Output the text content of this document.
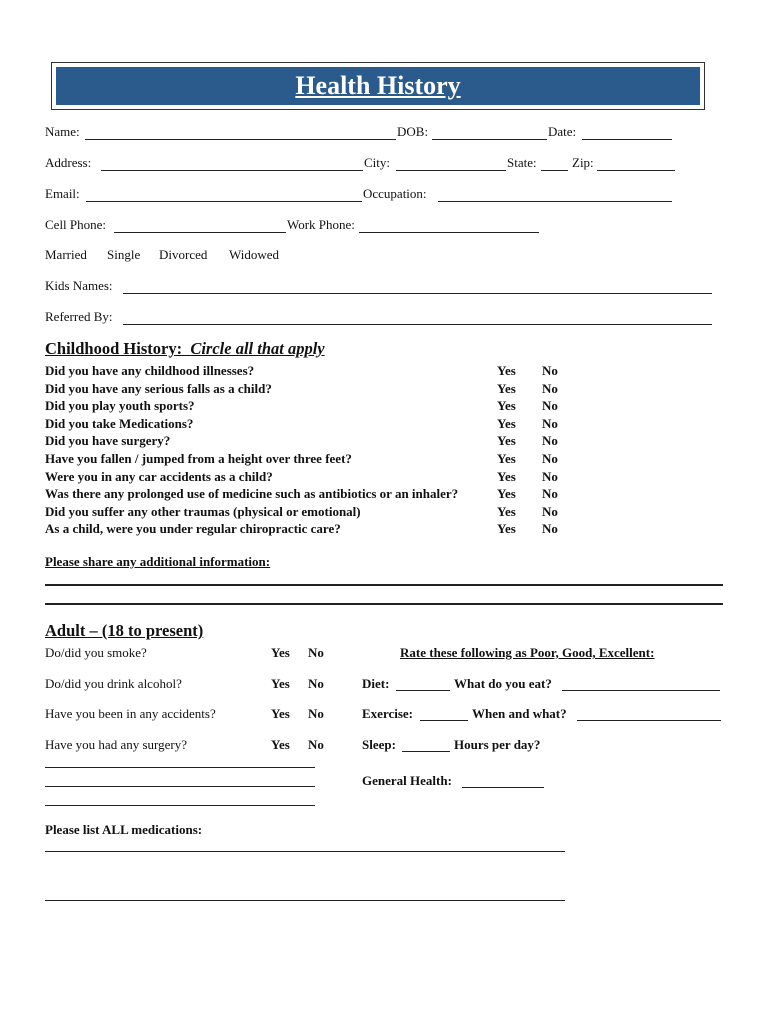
Health History
Name:	DOB:	Date:
Address:	City:	State:	Zip:
Email:	Occupation:
Cell Phone:	Work Phone:
Married Single Divorced Widowed
Kids Names:
Referred By:
Childhood History: Circle all that apply
Did you have any childhood illnesses?	Yes No
Did you have any serious falls as a child?	Yes No
Did you play youth sports?	Yes No
Did you take Medications?	Yes No
Did you have surgery?	Yes No
Have you fallen / jumped from a height over three feet?	Yes No
Were you in any car accidents as a child?	Yes No
Was there any prolonged use of medicine such as antibiotics or an inhaler?	Yes No
Did you suffer any other traumas (physical or emotional)	Yes No
As a child, were you under regular chiropractic care?	Yes No
Please share any additional information:
Adult – (18 to present)
Do/did you smoke?	Yes No
Do/did you drink alcohol?	Yes No
Have you been in any accidents?	Yes No
Have you had any surgery?	Yes No
Rate these following as Poor, Good, Excellent:
Diet:	What do you eat?
Exercise:	When and what?
Sleep:	Hours per day?
General Health:
Please list ALL medications:
